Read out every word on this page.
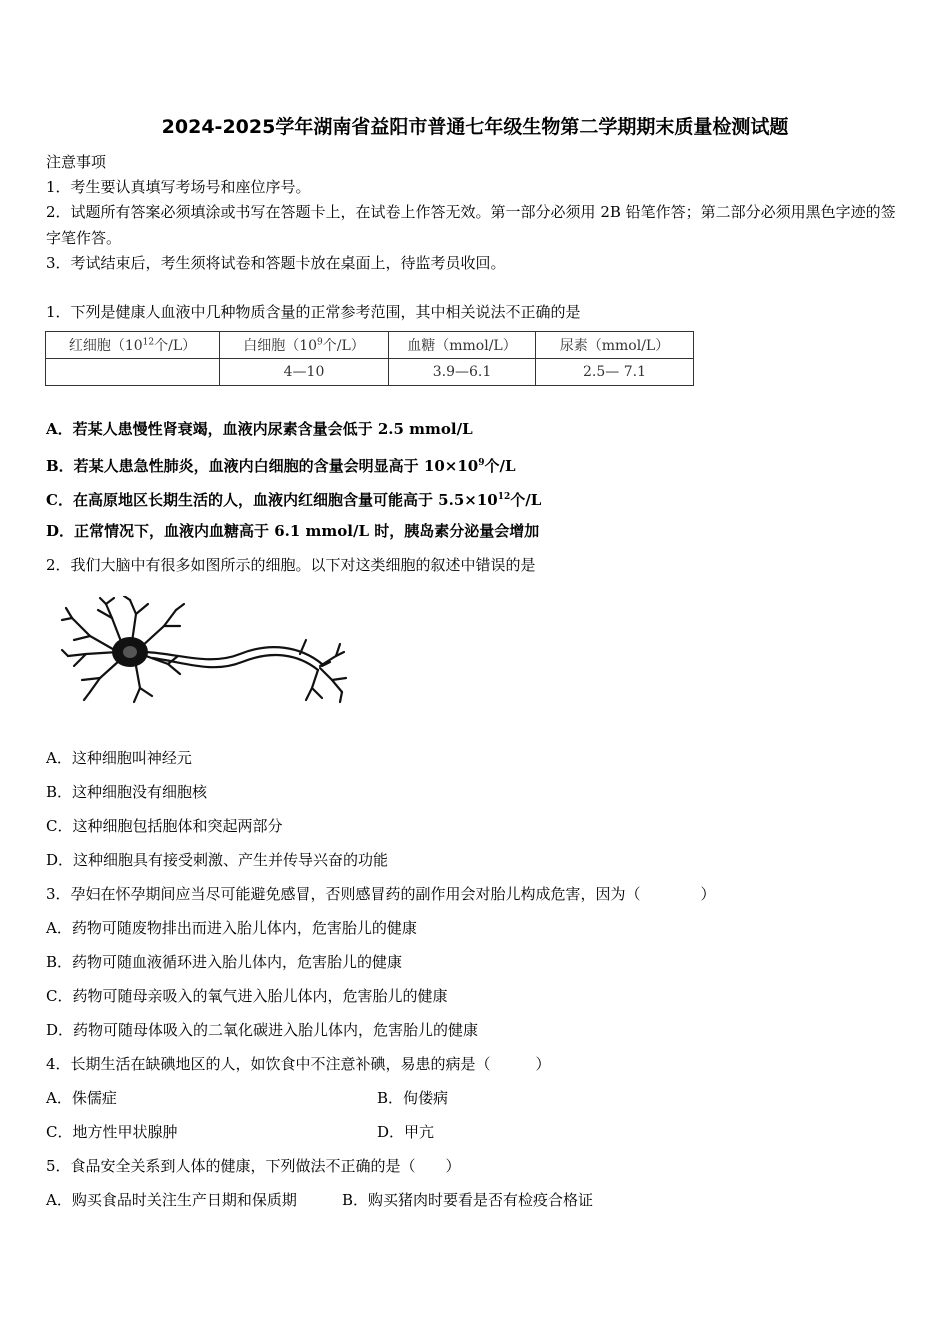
2024-2025学年湖南省益阳市普通七年级生物第二学期期末质量检测试题
注意事项
1．考生要认真填写考场号和座位序号。
2．试题所有答案必须填涂或书写在答题卡上，在试卷上作答无效。第一部分必须用 2B 铅笔作答；第二部分必须用黑色字迹的签字笔作答。
3．考试结束后，考生须将试卷和答题卡放在桌面上，待监考员收回。
1．下列是健康人血液中几种物质含量的正常参考范围，其中相关说法不正确的是
红细胞（$10^{12}$个/L）	白细胞（$10^9$个/L）	血糖（mmol/L）	尿素（mmol/L）
	4—10	3.9—6.1	2.5— 7.1
A．若某人患慢性肾衰竭，血液内尿素含量会低于 2.5 mmol/L
B．若某人患急性肺炎，血液内白细胞的含量会明显高于 $10\times 10^9$个/L
C．在高原地区长期生活的人，血液内红细胞含量可能高于 $5.5\times 10^{12}$个/L
D．正常情况下，血液内血糖高于 6.1 mmol/L 时，胰岛素分泌量会增加
2．我们大脑中有很多如图所示的细胞。以下对这类细胞的叙述中错误的是
A．这种细胞叫神经元
B．这种细胞没有细胞核
C．这种细胞包括胞体和突起两部分
D．这种细胞具有接受刺激、产生并传导兴奋的功能
3．孕妇在怀孕期间应当尽可能避免感冒，否则感冒药的副作用会对胎儿构成危害，因为（　　　　）
A．药物可随废物排出而进入胎儿体内，危害胎儿的健康
B．药物可随血液循环进入胎儿体内，危害胎儿的健康
C．药物可随母亲吸入的氧气进入胎儿体内，危害胎儿的健康
D．药物可随母体吸入的二氧化碳进入胎儿体内，危害胎儿的健康
4．长期生活在缺碘地区的人，如饮食中不注意补碘，易患的病是（　　　）
A．侏儒症	B．佝偻病
C．地方性甲状腺肿	D．甲亢
5．食品安全关系到人体的健康，下列做法不正确的是（　　）
A．购买食品时关注生产日期和保质期	B．购买猪肉时要看是否有检疫合格证
